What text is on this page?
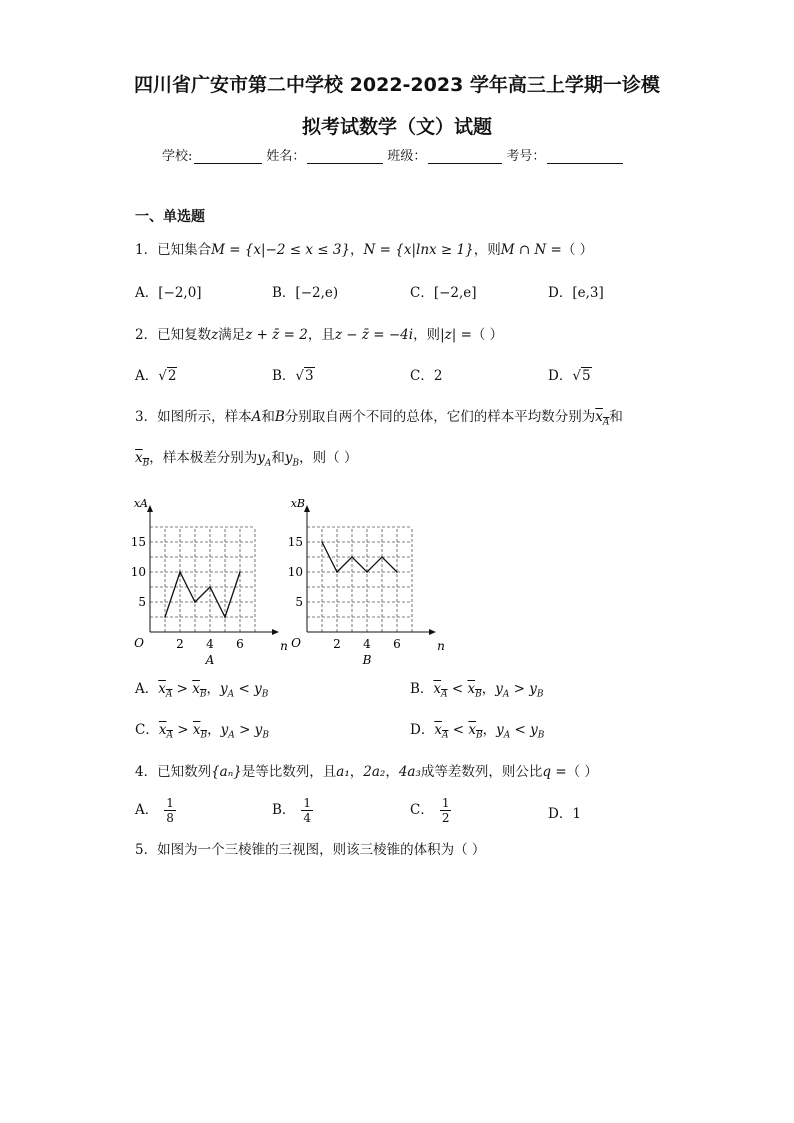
四川省广安市第二中学校 2022-2023 学年高三上学期一诊模
拟考试数学（文）试题
学校:	姓名：	班级：	考号：
一、单选题
1．已知集合M = {x|−2 ≤ x ≤ 3}，N = {x|lnx ≥ 1}，则M ∩ N =（ ）
A．[−2,0]	B．[−2,e)	C．[−2,e]	D．[e,3]
2．已知复数z满足z + z̄ = 2，且z − z̄ = −4i，则|z| =（ ）
A．√2	B．√3	C．2	D．√5
3．如图所示，样本A和B分别取自两个不同的总体，它们的样本平均数分别为$x_A$和
$x_B$，样本极差分别为$y_A$和$y_B$，则（ ）
5
10
15
2 4 6
O	n
xA
A
5
10
15
2 4 6
O	n
xB
B
A．$x_A > x_B$，$y_A < y_B$	B．$x_A < x_B$，$y_A > y_B$
C．$x_A > x_B$，$y_A > y_B$	D．$x_A < x_B$，$y_A < y_B$
4．已知数列{aₙ}是等比数列，且a₁，2a₂，4a₃成等差数列，则公比q =（ ）
A． $\frac{1}{8}$	B． $\frac{1}{4}$	C． $\frac{1}{2}$	D．1
5．如图为一个三棱锥的三视图，则该三棱锥的体积为（ ）
